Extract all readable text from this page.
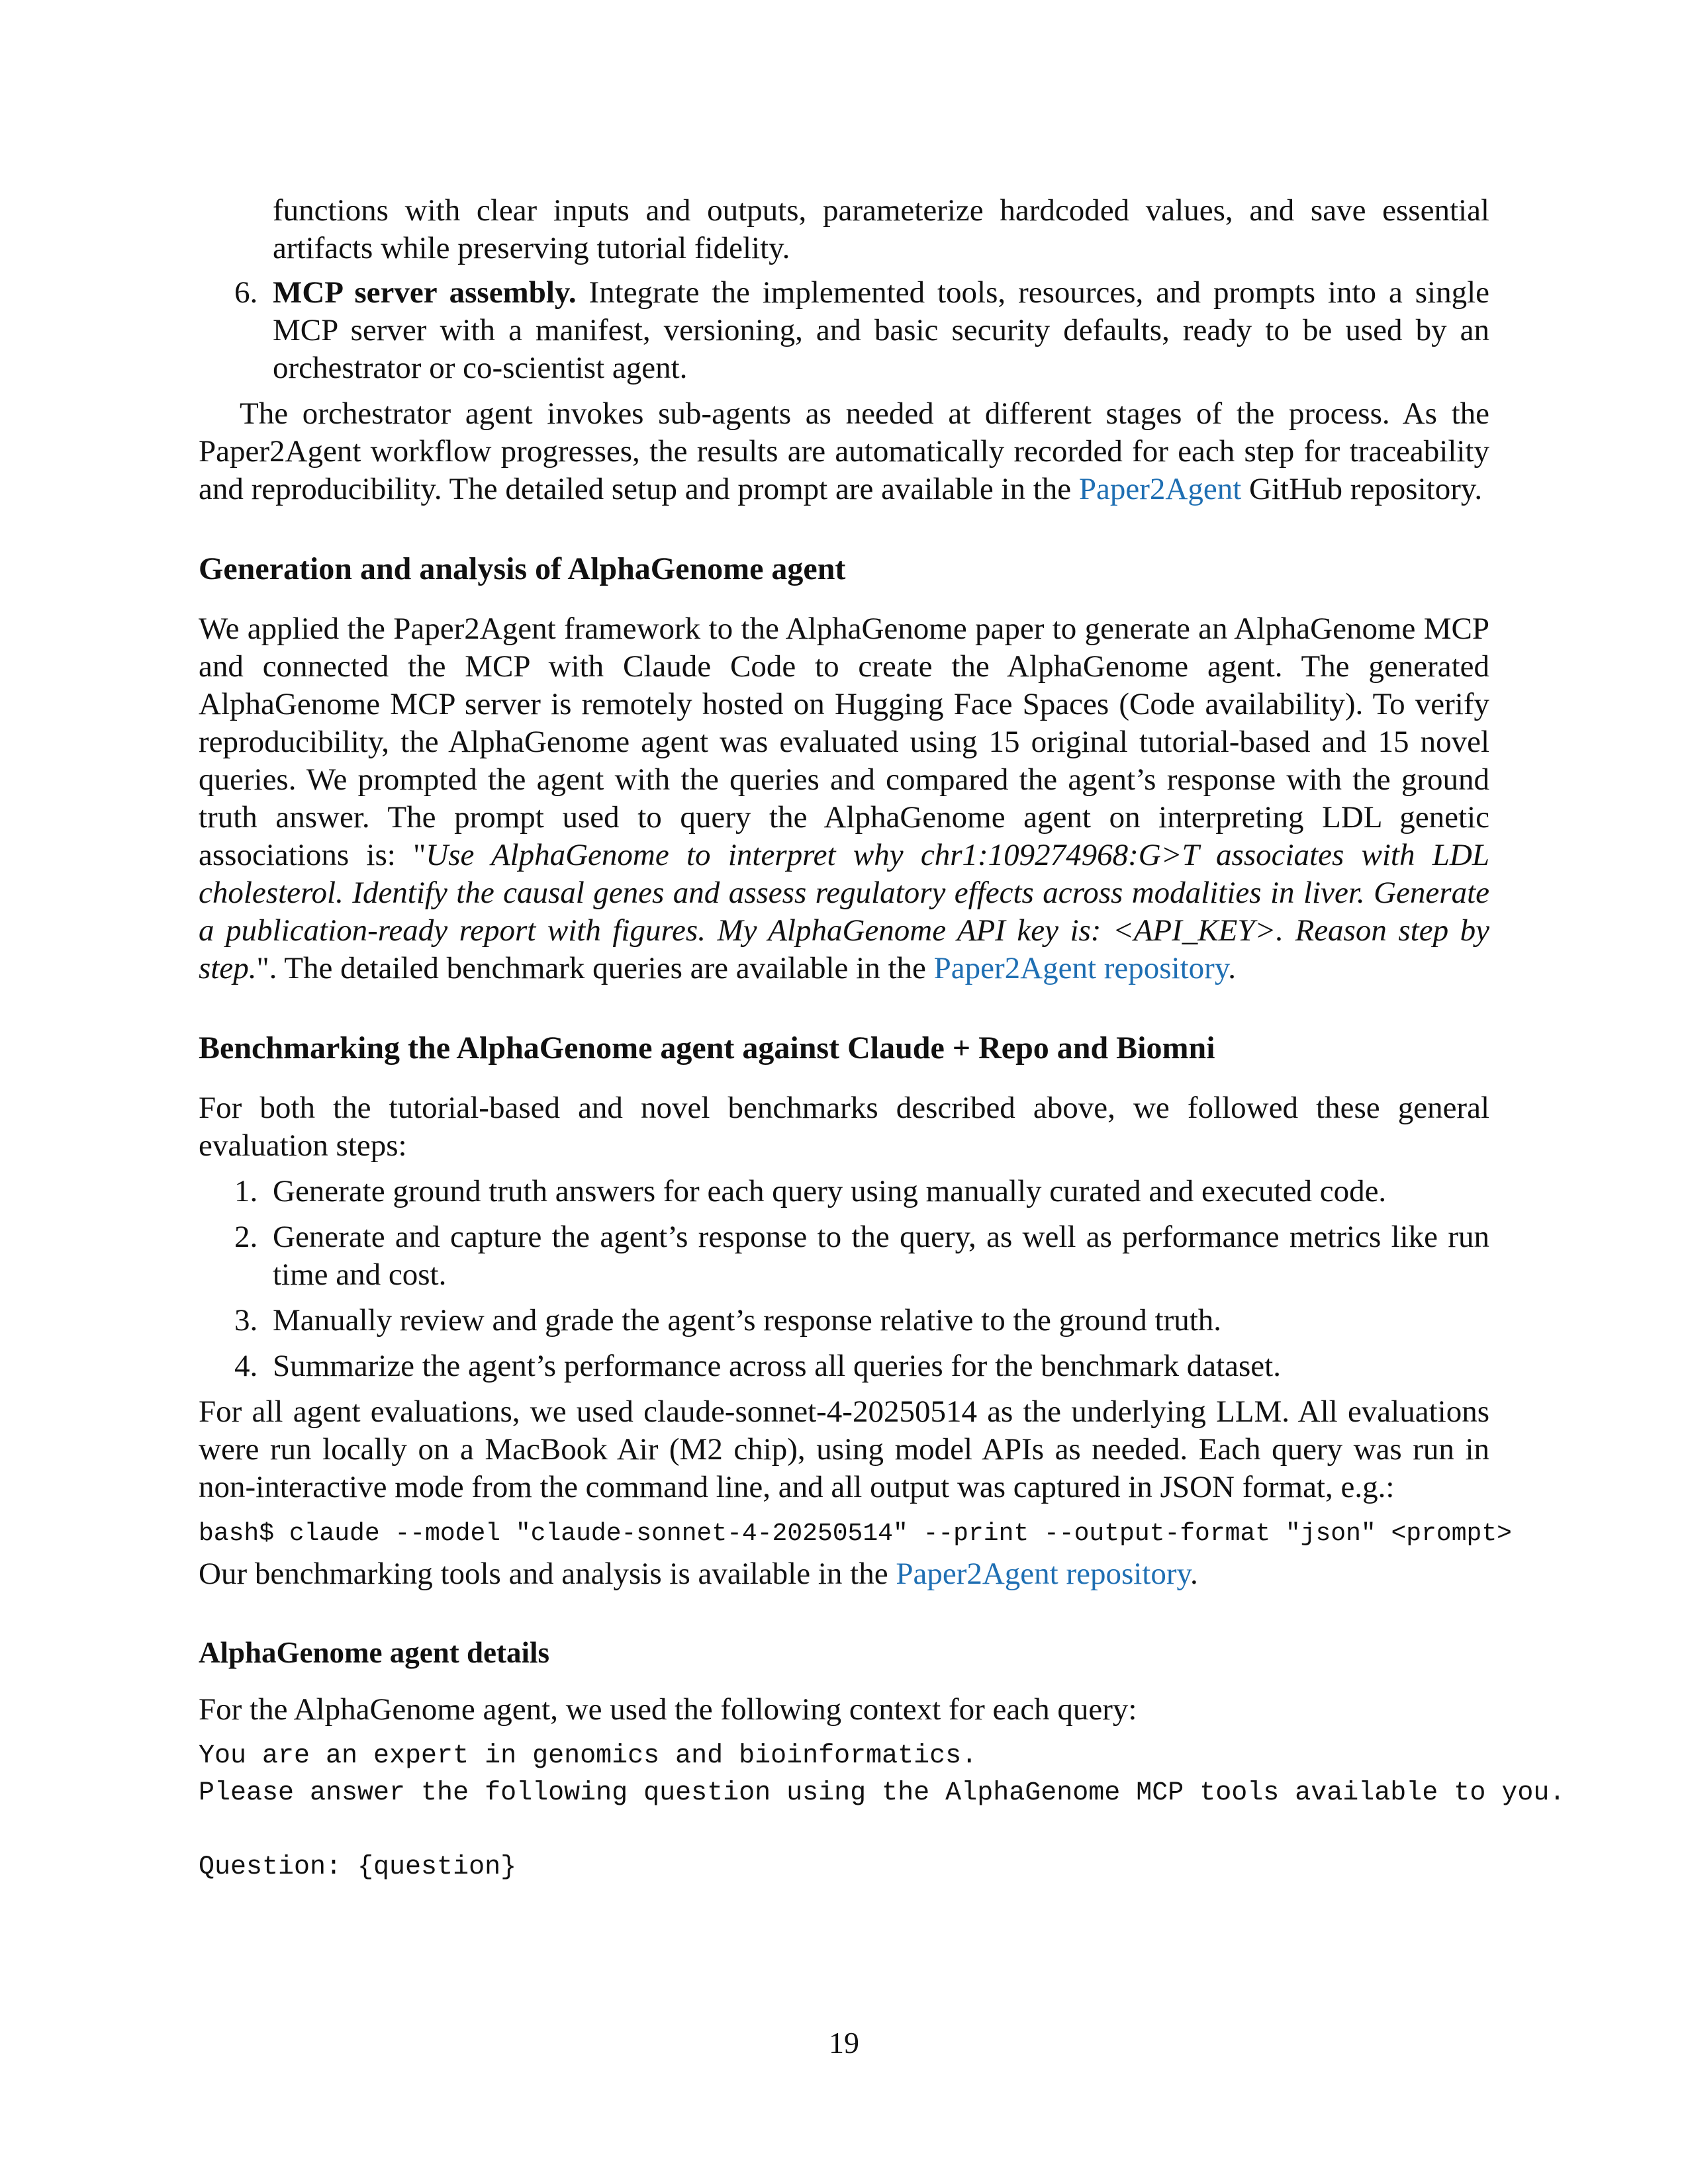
functions with clear inputs and outputs, parameterize hardcoded values, and save essential artifacts while preserving tutorial fidelity.
6. MCP server assembly. Integrate the implemented tools, resources, and prompts into a single MCP server with a manifest, versioning, and basic security defaults, ready to be used by an orchestrator or co-scientist agent.

The orchestrator agent invokes sub-agents as needed at different stages of the process. As the Paper2Agent workflow progresses, the results are automatically recorded for each step for traceability and reproducibility. The detailed setup and prompt are available in the Paper2Agent GitHub repository.

Generation and analysis of AlphaGenome agent

We applied the Paper2Agent framework to the AlphaGenome paper to generate an AlphaGenome MCP and connected the MCP with Claude Code to create the AlphaGenome agent. The generated AlphaGenome MCP server is remotely hosted on Hugging Face Spaces (Code availability). To verify reproducibility, the AlphaGenome agent was evaluated using 15 original tutorial-based and 15 novel queries. We prompted the agent with the queries and compared the agent’s response with the ground truth answer. The prompt used to query the AlphaGenome agent on interpreting LDL genetic associations is: "Use AlphaGenome to interpret why chr1:109274968:G>T associates with LDL cholesterol. Identify the causal genes and assess regulatory effects across modalities in liver. Generate a publication-ready report with figures. My AlphaGenome API key is: <API_KEY>. Reason step by step.". The detailed benchmark queries are available in the Paper2Agent repository.

Benchmarking the AlphaGenome agent against Claude + Repo and Biomni

For both the tutorial-based and novel benchmarks described above, we followed these general evaluation steps:

1. Generate ground truth answers for each query using manually curated and executed code.
2. Generate and capture the agent’s response to the query, as well as performance metrics like run time and cost.
3. Manually review and grade the agent’s response relative to the ground truth.
4. Summarize the agent’s performance across all queries for the benchmark dataset.

For all agent evaluations, we used claude-sonnet-4-20250514 as the underlying LLM. All evaluations were run locally on a MacBook Air (M2 chip), using model APIs as needed. Each query was run in non-interactive mode from the command line, and all output was captured in JSON format, e.g.:

bash$ claude --model "claude-sonnet-4-20250514" --print --output-format "json" <prompt>

Our benchmarking tools and analysis is available in the Paper2Agent repository.

AlphaGenome agent details

For the AlphaGenome agent, we used the following context for each query:

You are an expert in genomics and bioinformatics.
Please answer the following question using the AlphaGenome MCP tools available to you.
Question: {question}
19
